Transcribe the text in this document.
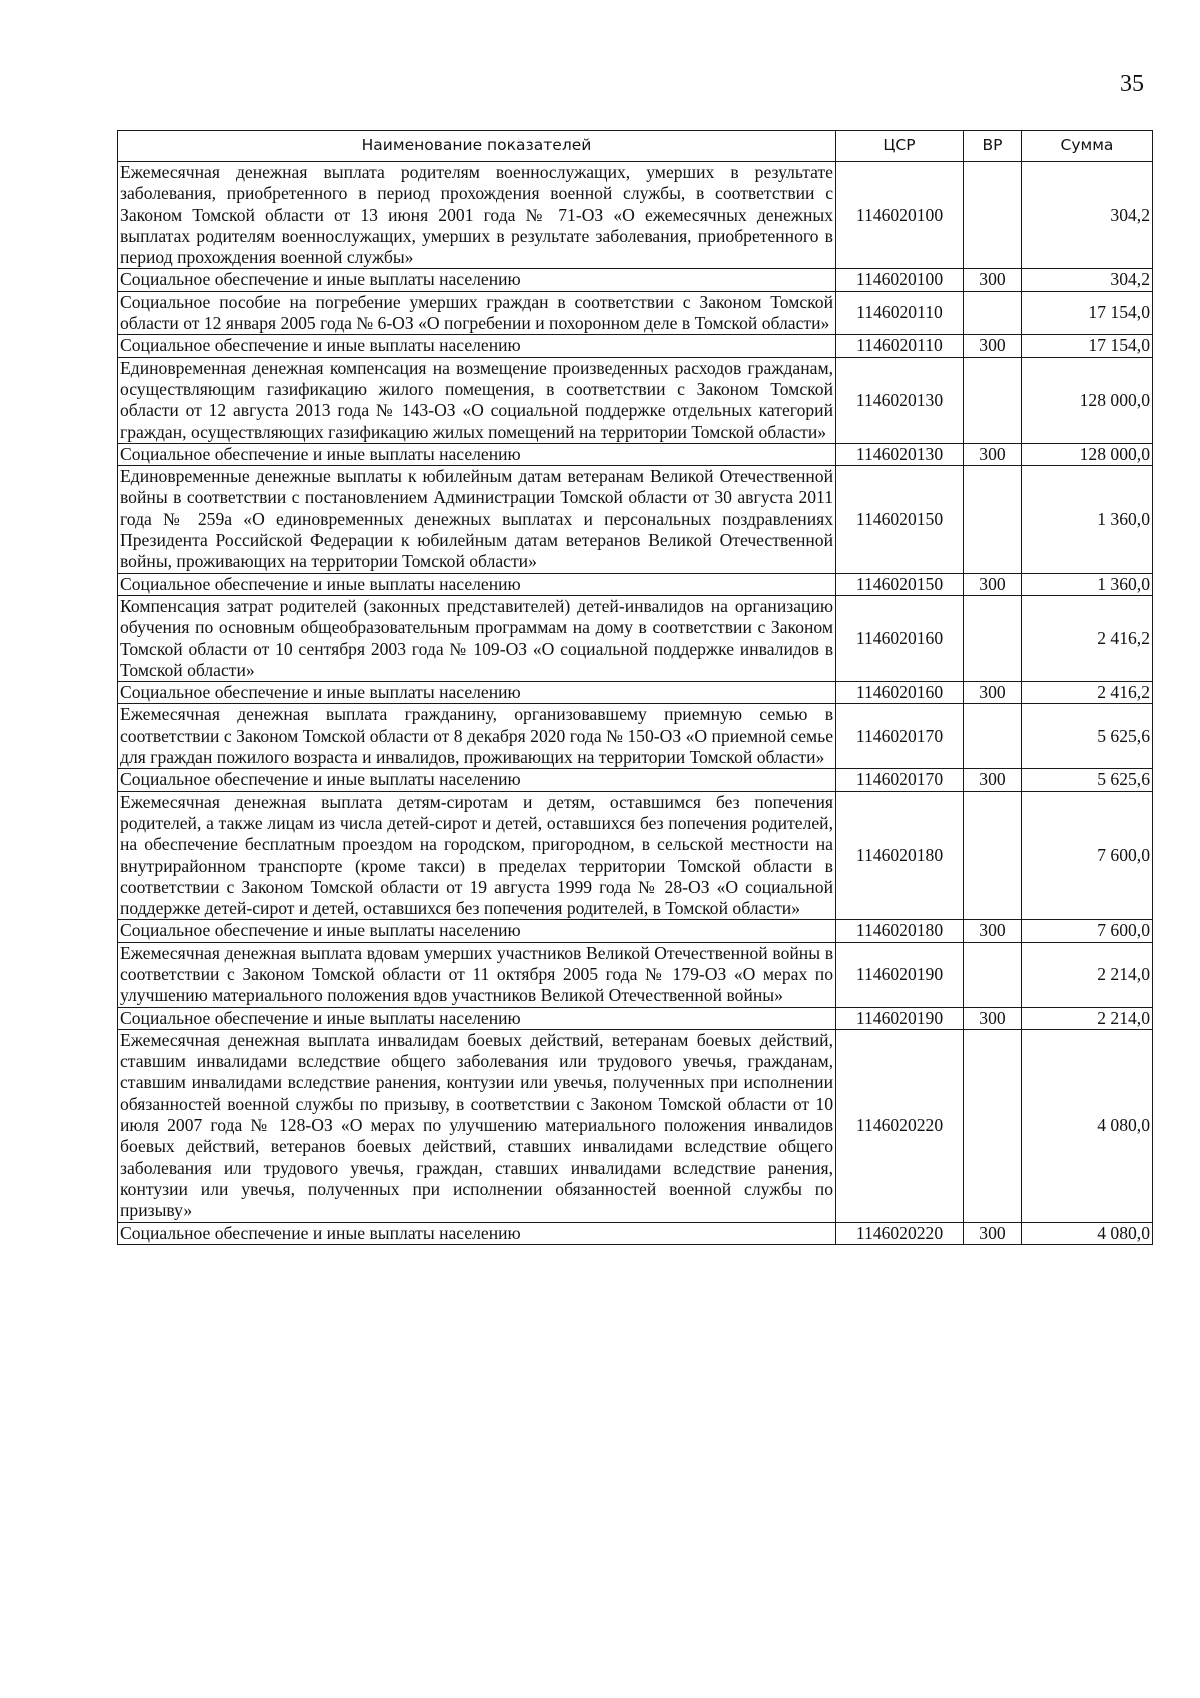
35
Наименование показателей	ЦСР	ВР	Сумма
Ежемесячная денежная выплата родителям военнослужащих, умерших в результате заболевания, приобретенного в период прохождения военной службы, в соответствии с Законом Томской области от 13 июня 2001 года № 71-ОЗ «О ежемесячных денежных выплатах родителям военнослужащих, умерших в результате заболевания, приобретенного в период прохождения военной службы»	1146020100		304,2
Социальное обеспечение и иные выплаты населению	1146020100	300	304,2
Социальное пособие на погребение умерших граждан в соответствии с Законом Томской области от 12 января 2005 года № 6-ОЗ «О погребении и похоронном деле в Томской области»	1146020110		17 154,0
Социальное обеспечение и иные выплаты населению	1146020110	300	17 154,0
Единовременная денежная компенсация на возмещение произведенных расходов гражданам, осуществляющим газификацию жилого помещения, в соответствии с Законом Томской области от 12 августа 2013 года № 143-ОЗ «О социальной поддержке отдельных категорий граждан, осуществляющих газификацию жилых помещений на территории Томской области»	1146020130		128 000,0
Социальное обеспечение и иные выплаты населению	1146020130	300	128 000,0
Единовременные денежные выплаты к юбилейным датам ветеранам Великой Отечественной войны в соответствии с постановлением Администрации Томской области от 30 августа 2011 года № 259а «О единовременных денежных выплатах и персональных поздравлениях Президента Российской Федерации к юбилейным датам ветеранов Великой Отечественной войны, проживающих на территории Томской области»	1146020150		1 360,0
Социальное обеспечение и иные выплаты населению	1146020150	300	1 360,0
Компенсация затрат родителей (законных представителей) детей-инвалидов на организацию обучения по основным общеобразовательным программам на дому в соответствии с Законом Томской области от 10 сентября 2003 года № 109-ОЗ «О социальной поддержке инвалидов в Томской области»	1146020160		2 416,2
Социальное обеспечение и иные выплаты населению	1146020160	300	2 416,2
Ежемесячная денежная выплата гражданину, организовавшему приемную семью в соответствии с Законом Томской области от 8 декабря 2020 года № 150-ОЗ «О приемной семье для граждан пожилого возраста и инвалидов, проживающих на территории Томской области»	1146020170		5 625,6
Социальное обеспечение и иные выплаты населению	1146020170	300	5 625,6
Ежемесячная денежная выплата детям-сиротам и детям, оставшимся без попечения родителей, а также лицам из числа детей-сирот и детей, оставшихся без попечения родителей, на обеспечение бесплатным проездом на городском, пригородном, в сельской местности на внутрирайонном транспорте (кроме такси) в пределах территории Томской области в соответствии с Законом Томской области от 19 августа 1999 года № 28-ОЗ «О социальной поддержке детей-сирот и детей, оставшихся без попечения родителей, в Томской области»	1146020180		7 600,0
Социальное обеспечение и иные выплаты населению	1146020180	300	7 600,0
Ежемесячная денежная выплата вдовам умерших участников Великой Отечественной войны в соответствии с Законом Томской области от 11 октября 2005 года № 179-ОЗ «О мерах по улучшению материального положения вдов участников Великой Отечественной войны»	1146020190		2 214,0
Социальное обеспечение и иные выплаты населению	1146020190	300	2 214,0
Ежемесячная денежная выплата инвалидам боевых действий, ветеранам боевых действий, ставшим инвалидами вследствие общего заболевания или трудового увечья, гражданам, ставшим инвалидами вследствие ранения, контузии или увечья, полученных при исполнении обязанностей военной службы по призыву, в соответствии с Законом Томской области от 10 июля 2007 года № 128-ОЗ «О мерах по улучшению материального положения инвалидов боевых действий, ветеранов боевых действий, ставших инвалидами вследствие общего заболевания или трудового увечья, граждан, ставших инвалидами вследствие ранения, контузии или увечья, полученных при исполнении обязанностей военной службы по призыву»	1146020220		4 080,0
Социальное обеспечение и иные выплаты населению	1146020220	300	4 080,0
